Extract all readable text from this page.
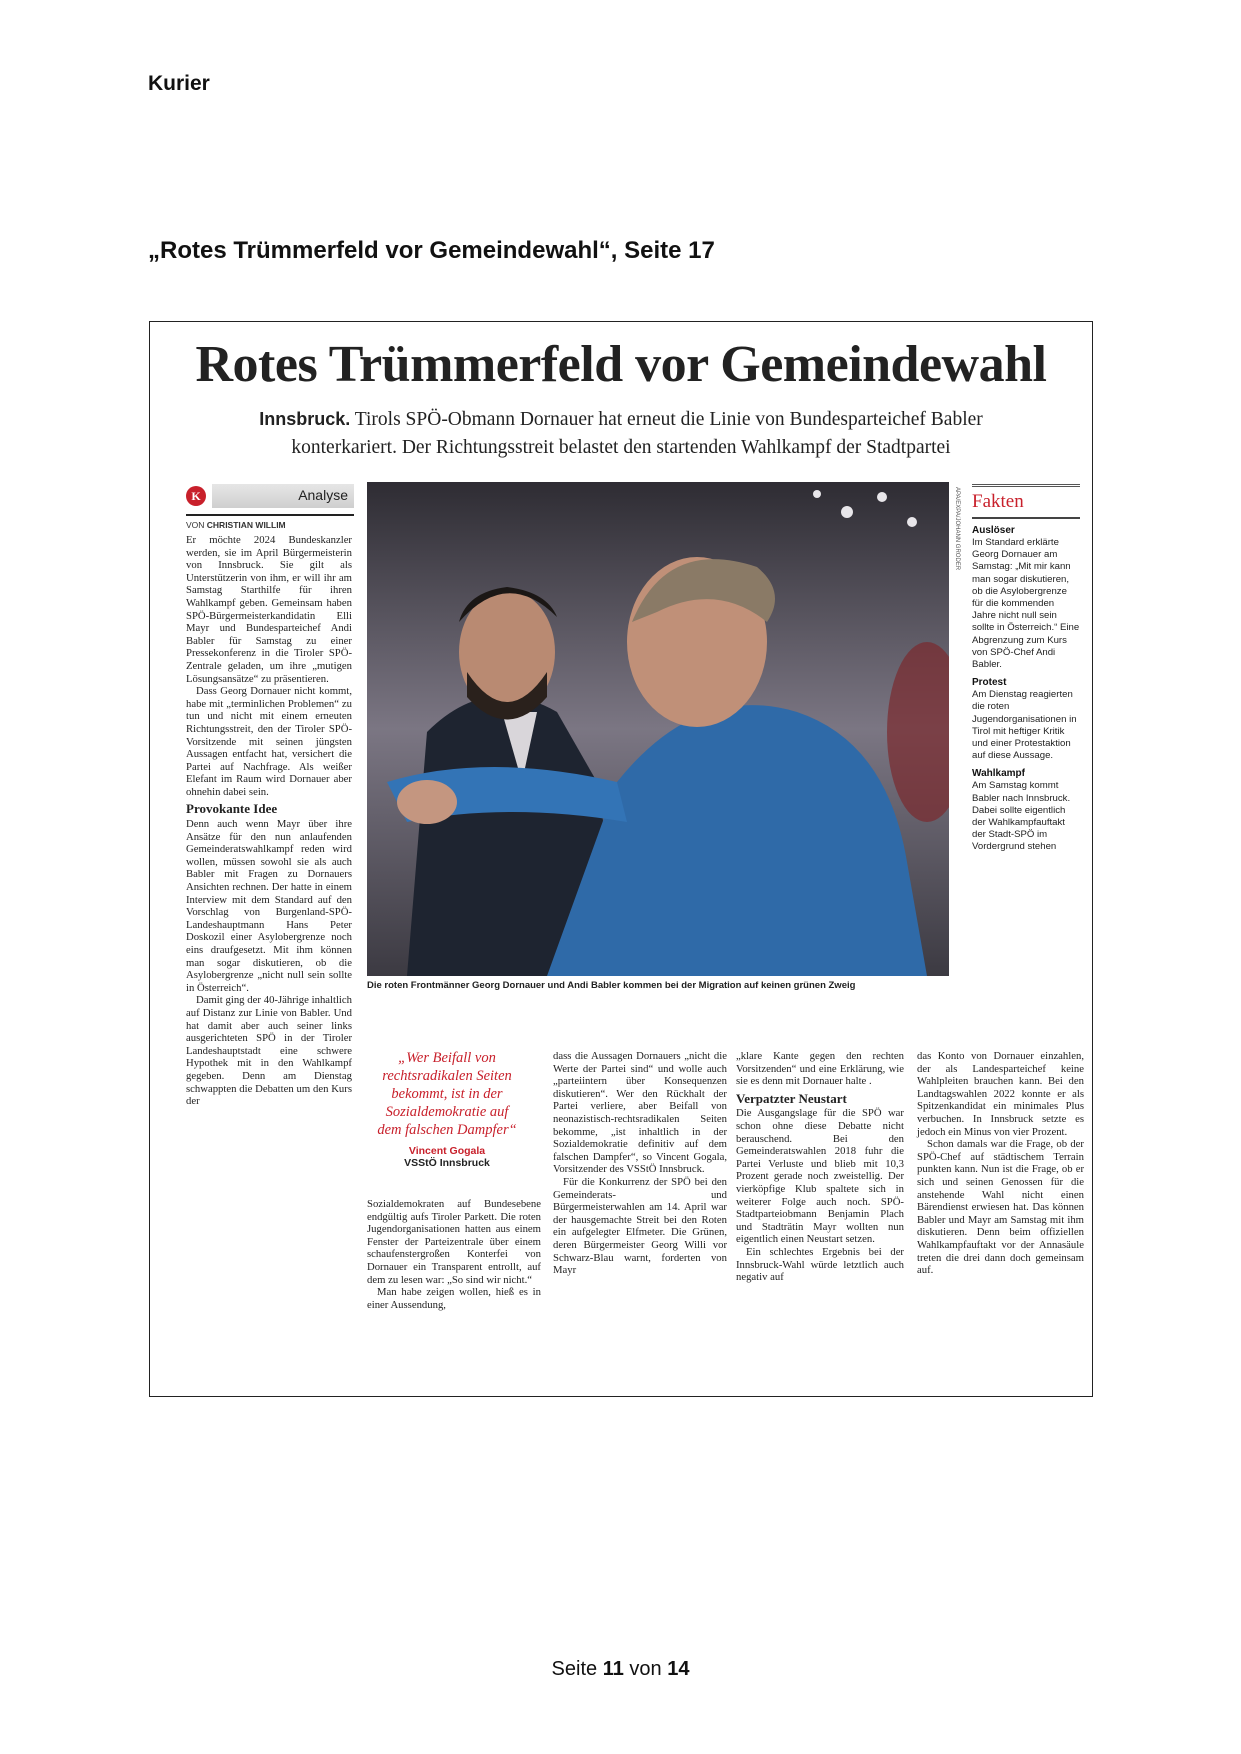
Kurier
„Rotes Trümmerfeld vor Gemeindewahl“, Seite 17
Rotes Trümmerfeld vor Gemeindewahl
Innsbruck. Tirols SPÖ-Obmann Dornauer hat erneut die Linie von Bundesparteichef Babler konterkariert. Der Richtungsstreit belastet den startenden Wahlkampf der Stadtpartei
K	Analyse
VON CHRISTIAN WILLIM

Er möchte 2024 Bundeskanzler werden, sie im April Bürgermeisterin von Innsbruck. Sie gilt als Unterstützerin von ihm, er will ihr am Samstag Starthilfe für ihren Wahlkampf geben. Gemeinsam haben SPÖ-Bürgermeisterkandidatin Elli Mayr und Bundesparteichef Andi Babler für Samstag zu einer Pressekonferenz in die Tiroler SPÖ-Zentrale geladen, um ihre „mutigen Lösungsansätze“ zu präsentieren.

Dass Georg Dornauer nicht kommt, habe mit „terminlichen Problemen“ zu tun und nicht mit einem erneuten Richtungsstreit, den der Tiroler SPÖ-Vorsitzende mit seinen jüngsten Aussagen entfacht hat, versichert die Partei auf Nachfrage. Als weißer Elefant im Raum wird Dornauer aber ohnehin dabei sein.

Provokante Idee

Denn auch wenn Mayr über ihre Ansätze für den nun anlaufenden Gemeinderatswahlkampf reden wird wollen, müssen sowohl sie als auch Babler mit Fragen zu Dornauers Ansichten rechnen. Der hatte in einem Interview mit dem Standard auf den Vorschlag von Burgenland-SPÖ-Landeshauptmann Hans Peter Doskozil einer Asylobergrenze noch eins draufgesetzt. Mit ihm können man sogar diskutieren, ob die Asylobergrenze „nicht null sein sollte in Österreich“.

Damit ging der 40-Jährige inhaltlich auf Distanz zur Linie von Babler. Und hat damit aber auch seiner links ausgerichteten SPÖ in der Tiroler Landeshauptstadt eine schwere Hypothek mit in den Wahlkampf gegeben. Denn am Dienstag schwappten die Debatten um den Kurs der

APA/EXPA/JOHANN GRODER
Die roten Frontmänner Georg Dornauer und Andi Babler kommen bei der Migration auf keinen grünen Zweig
Fakten
Auslöser
Im Standard erklärte Georg Dornauer am Samstag: „Mit mir kann man sogar diskutieren, ob die Asylobergrenze für die kommenden Jahre nicht null sein sollte in Österreich.“ Eine Abgrenzung zum Kurs von SPÖ-Chef Andi Babler.
Protest
Am Dienstag reagierten die roten Jugendorganisationen in Tirol mit heftiger Kritik und einer Protestaktion auf diese Aussage.
Wahlkampf
Am Samstag kommt Babler nach Innsbruck. Dabei sollte eigentlich der Wahlkampfauftakt der Stadt-SPÖ im Vordergrund stehen
„Wer Beifall von rechtsradikalen Seiten bekommt, ist in der Sozialdemokratie auf dem falschen Dampfer“
Vincent Gogala
VSStÖ Innsbruck

Sozialdemokraten auf Bundesebene endgültig aufs Tiroler Parkett. Die roten Jugendorganisationen hatten aus einem Fenster der Parteizentrale über einem schaufenstergroßen Konterfei von Dornauer ein Transparent entrollt, auf dem zu lesen war: „So sind wir nicht.“

Man habe zeigen wollen, hieß es in einer Aussendung,

dass die Aussagen Dornauers „nicht die Werte der Partei sind“ und wolle auch „parteiintern über Konsequenzen diskutieren“. Wer den Rückhalt der Partei verliere, aber Beifall von neonazistisch-rechtsradikalen Seiten bekomme, „ist inhaltlich in der Sozialdemokratie definitiv auf dem falschen Dampfer“, so Vincent Gogala, Vorsitzender des VSStÖ Innsbruck.

Für die Konkurrenz der SPÖ bei den Gemeinderats- und Bürgermeisterwahlen am 14. April war der hausgemachte Streit bei den Roten ein aufgelegter Elfmeter. Die Grünen, deren Bürgermeister Georg Willi vor Schwarz-Blau warnt, forderten von Mayr

„klare Kante gegen den rechten Vorsitzenden“ und eine Erklärung, wie sie es denn mit Dornauer halte .

Verpatzter Neustart

Die Ausgangslage für die SPÖ war schon ohne diese Debatte nicht berauschend. Bei den Gemeinderatswahlen 2018 fuhr die Partei Verluste und blieb mit 10,3 Prozent gerade noch zweistellig. Der vierköpfige Klub spaltete sich in weiterer Folge auch noch. SPÖ-Stadtparteiobmann Benjamin Plach und Stadträtin Mayr wollten nun eigentlich einen Neustart setzen.

Ein schlechtes Ergebnis bei der Innsbruck-Wahl würde letztlich auch negativ auf

das Konto von Dornauer einzahlen, der als Landesparteichef keine Wahlpleiten brauchen kann. Bei den Landtagswahlen 2022 konnte er als Spitzenkandidat ein minimales Plus verbuchen. In Innsbruck setzte es jedoch ein Minus von vier Prozent.

Schon damals war die Frage, ob der SPÖ-Chef auf städtischem Terrain punkten kann. Nun ist die Frage, ob er sich und seinen Genossen für die anstehende Wahl nicht einen Bärendienst erwiesen hat. Das können Babler und Mayr am Samstag mit ihm diskutieren. Denn beim offiziellen Wahlkampfauftakt vor der Annasäule treten die drei dann doch gemeinsam auf.

Seite 11 von 14
